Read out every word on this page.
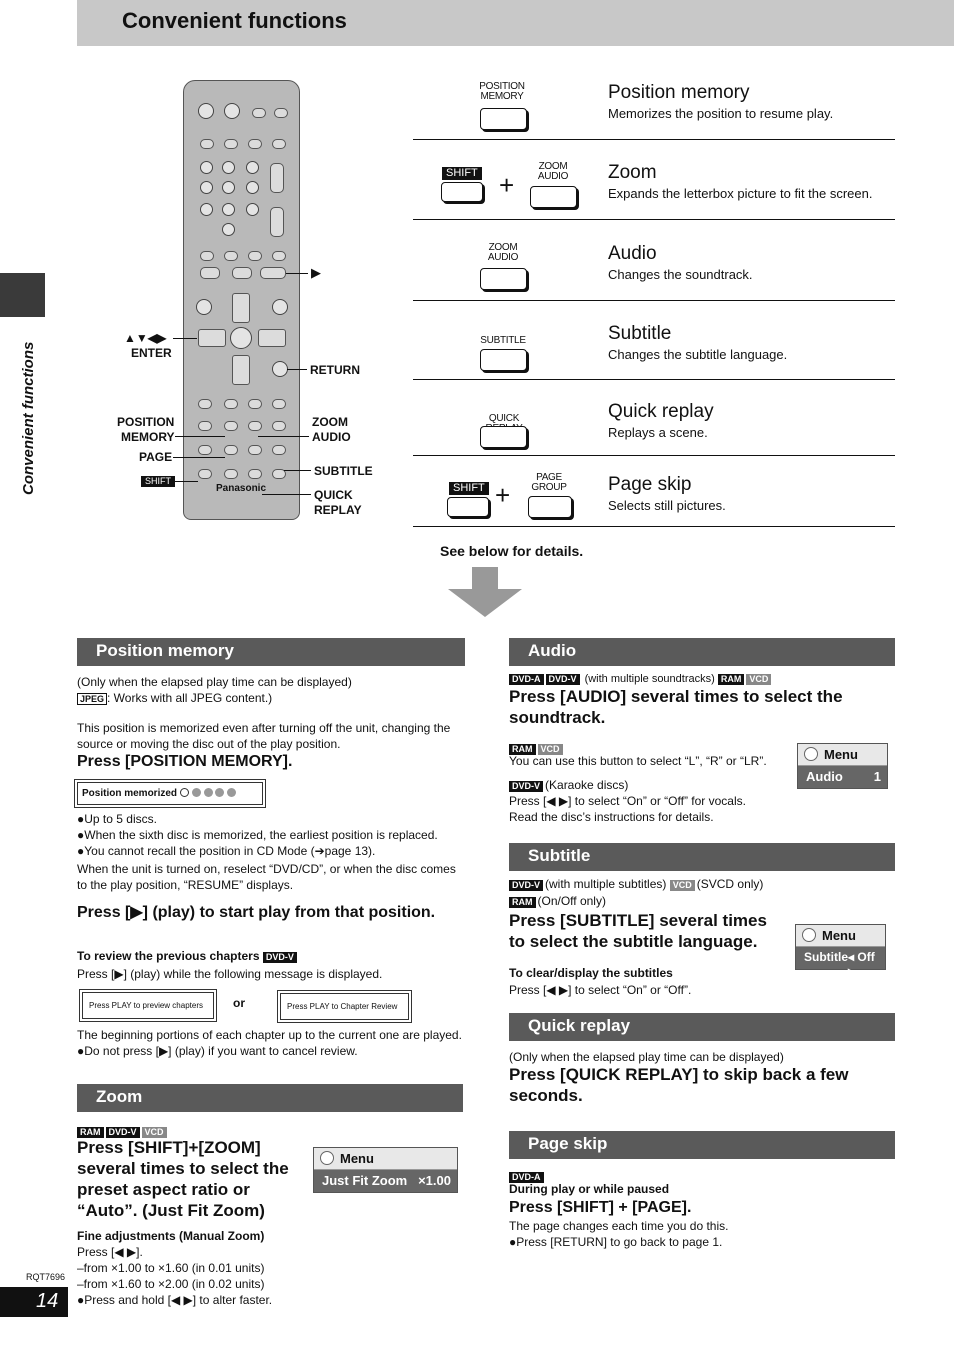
Convenient functions
Convenient functions
RQT7696
14
Panasonic
▶
▲▼◀▶
ENTER
RETURN
POSITION
MEMORY
PAGE
SHIFT
ZOOM
AUDIO
SUBTITLE
QUICK
REPLAY
POSITION MEMORY	Position memory
Memorizes the position to resume play.
SHIFT +
ZOOM AUDIO	Zoom
Expands the letterbox picture to fit the screen.
ZOOM AUDIO	Audio
Changes the soundtrack.
SUBTITLE	Subtitle
Changes the subtitle language.
QUICK	Quick replay
Replays a scene.
SHIFT +
PAGE GROUP	Page skip
Selects still pictures.
See below for details.
Position memory
(Only when the elapsed play time can be displayed)
JPEG : Works with all JPEG content.)
This position is memorized even after turning off the unit, changing the source or moving the disc out of the play position.
Press [POSITION MEMORY].
Position memorized

●Up to 5 discs.
●When the sixth disc is memorized, the earliest position is replaced.
●You cannot recall the position in CD Mode (➔page 13).
When the unit is turned on, reselect “DVD/CD”, or when the disc comes to the play position, “RESUME” displays.
Press [▶] (play) to start play from that position.
To review the previous chapters DVD-V
Press [▶] (play) while the following message is displayed.
Press PLAY to preview chapters	or	Press PLAY to Chapter Review
The beginning portions of each chapter up to the current one are played.
●Do not press [▶] (play) if you want to cancel review.
Zoom
RAM DVD-V VCD
Press [SHIFT]+[ZOOM] several times to select the preset aspect ratio or “Auto”. (Just Fit Zoom)
Menu
Just Fit Zoom ×1.00
Fine adjustments (Manual Zoom)
Press [◀ ▶].
–from ×1.00 to ×1.60 (in 0.01 units)
–from ×1.60 to ×2.00 (in 0.02 units)
●Press and hold [◀ ▶] to alter faster.
Audio
DVD-A DVD-V (with multiple soundtracks) RAM VCD
Press [AUDIO] several times to select the soundtrack.
RAM VCD
You can use this button to select “L”, “R” or “LR”.
DVD-V (Karaoke discs)
Press [◀ ▶] to select “On” or “Off” for vocals.
Read the disc’s instructions for details.
Menu
Audio 1
Subtitle
DVD-V (with multiple subtitles) VCD (SVCD only)
RAM (On/Off only)
Press [SUBTITLE] several times to select the subtitle language.	Menu
Subtitle ◂ Off ▸
To clear/display the subtitles
Press [◀ ▶] to select “On” or “Off”.
Quick replay
(Only when the elapsed play time can be displayed)
Press [QUICK REPLAY] to skip back a few seconds.
Page skip
DVD-A
During play or while paused
Press [SHIFT] + [PAGE].
The page changes each time you do this.
●Press [RETURN] to go back to page 1.
